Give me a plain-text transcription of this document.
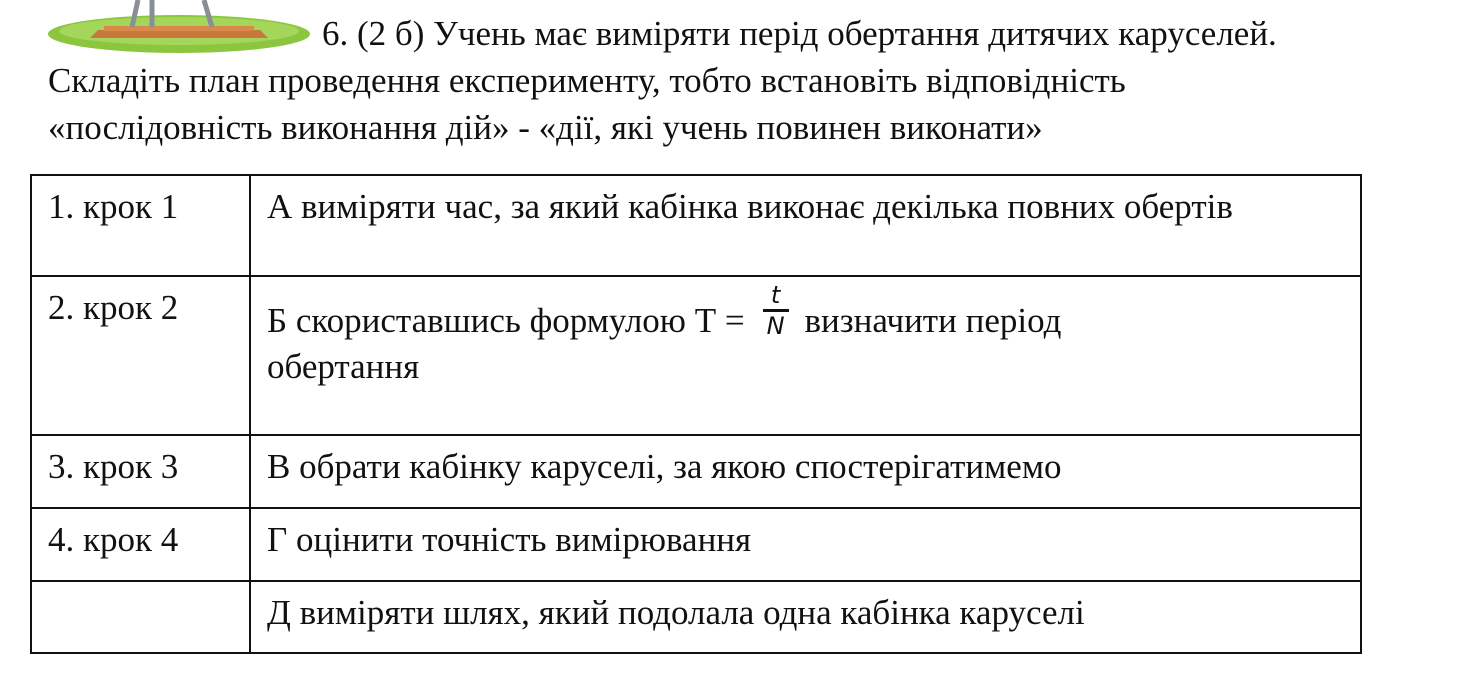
6. (2 б) Учень має виміряти перід обертання дитячих каруселей.
Складіть план проведення експерименту, тобто встановіть відповідність
«послідовність виконання дій» - «дії, які учень повинен виконати»
1. крок 1	А виміряти час, за який кабінка виконає декілька повних обертів
2. крок 2	Б скориставшись формулою $Т = \frac{t}{N}$ визначити період
обертання

3. крок 3	В обрати кабінку каруселі, за якою спостерігатимемо
4. крок 4	Г оцінити точність вимірювання
	Д виміряти шлях, який подолала одна кабінка каруселі
